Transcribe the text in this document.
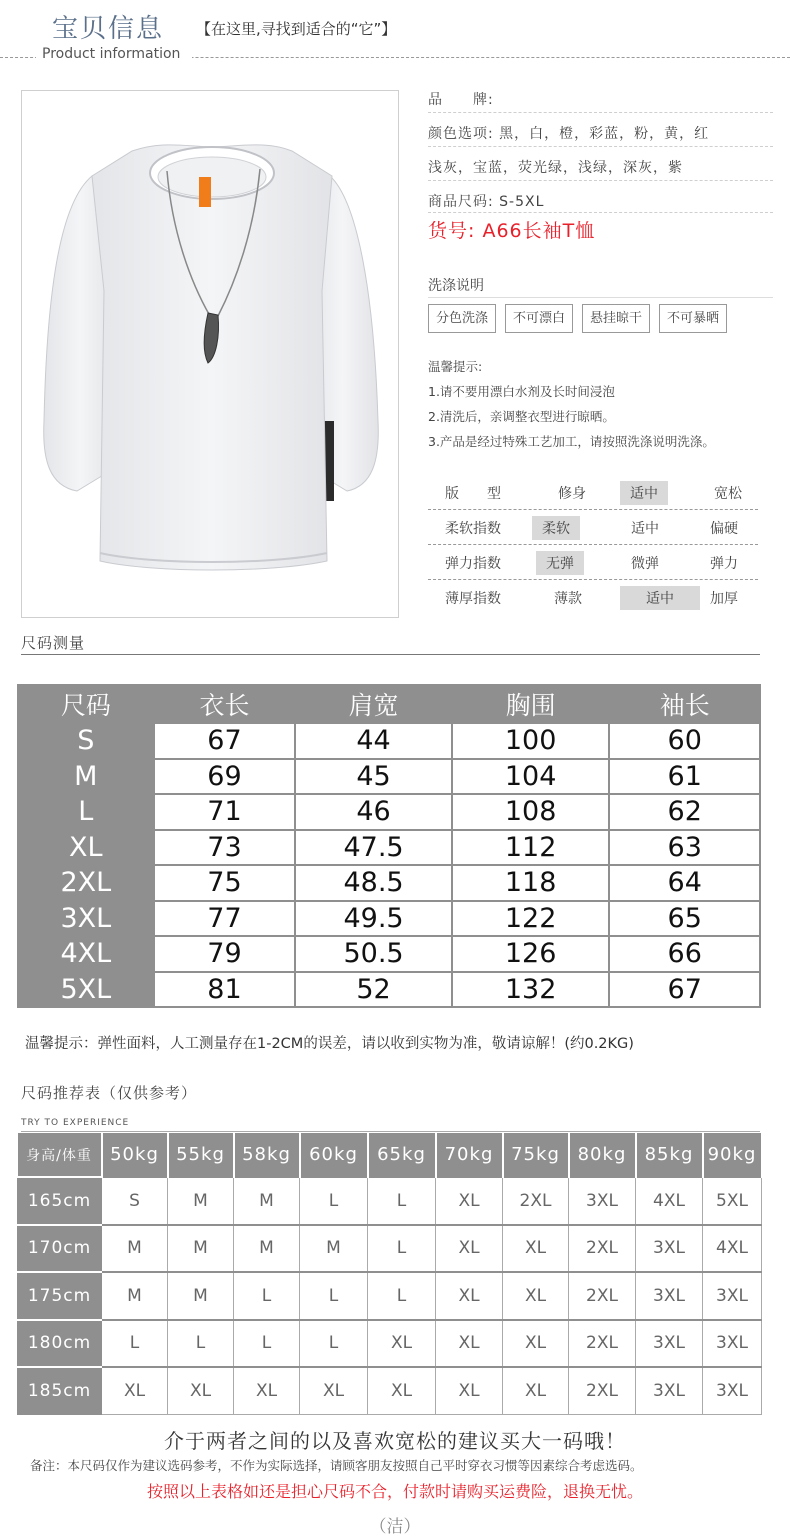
宝贝信息 【在这里,寻找到适合的“它”】
Product information
品　　牌:
颜色选项: 黑，白，橙，彩蓝，粉，黄，红
浅灰，宝蓝，荧光绿，浅绿，深灰，紫
商品尺码: S-5XL
货号: A66长袖T恤
洗涤说明
分色洗涤	不可漂白	悬挂晾干	不可暴晒
温馨提示:
1.请不要用漂白水剂及长时间浸泡
2.清洗后，亲调整衣型进行晾晒。
3.产品是经过特殊工艺加工，请按照洗涤说明洗涤。
版　　型	修身	适中	宽松
柔软指数	柔软	适中	偏硬
弹力指数	无弹	微弹	弹力
薄厚指数	薄款	适中	加厚
尺码测量
尺码	衣长	肩宽	胸围	袖长
S	67	44	100	60
M	69	45	104	61
L	71	46	108	62
XL	73	47.5	112	63
2XL	75	48.5	118	64
3XL	77	49.5	122	65
4XL	79	50.5	126	66
5XL	81	52	132	67
温馨提示：弹性面料，人工测量存在1-2CM的误差，请以收到实物为准，敬请谅解！(约0.2KG)
尺码推荐表（仅供参考）
TRY TO EXPERIENCE
身高/体重	50kg	55kg	58kg	60kg	65kg	70kg	75kg	80kg	85kg	90kg
165cm	S	M	M	L	L	XL	2XL	3XL	4XL	5XL
170cm	M	M	M	M	L	XL	XL	2XL	3XL	4XL
175cm	M	M	L	L	L	XL	XL	2XL	3XL	3XL
180cm	L	L	L	L	XL	XL	XL	2XL	3XL	3XL
185cm	XL	XL	XL	XL	XL	XL	XL	2XL	3XL	3XL
介于两者之间的以及喜欢宽松的建议买大一码哦！
备注：本尺码仅作为建议选码参考，不作为实际选择，请顾客朋友按照自己平时穿衣习惯等因素综合考虑选码。
按照以上表格如还是担心尺码不合，付款时请购买运费险，退换无忧。
（洁）
